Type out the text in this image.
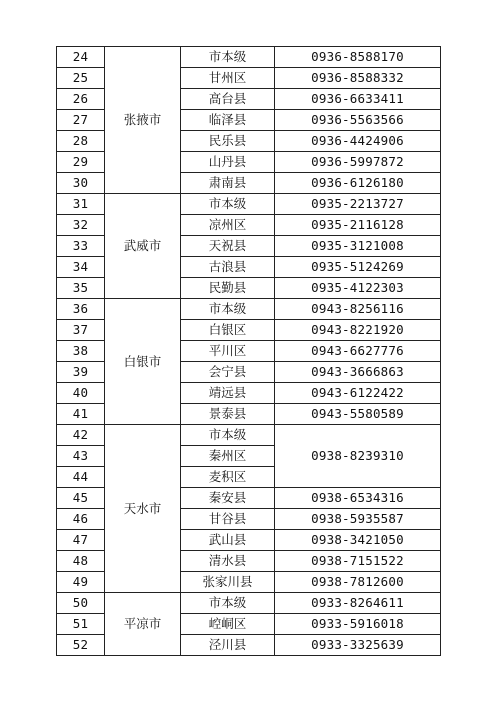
24	张掖市	市本级	0936-8588170
25		甘州区	0936-8588332
26		高台县	0936-6633411
27		临泽县	0936-5563566
28		民乐县	0936-4424906
29		山丹县	0936-5997872
30		肃南县	0936-6126180
31	武威市	市本级	0935-2213727
32		凉州区	0935-2116128
33		天祝县	0935-3121008
34		古浪县	0935-5124269
35		民勤县	0935-4122303
36	白银市	市本级	0943-8256116
37		白银区	0943-8221920
38		平川区	0943-6627776
39		会宁县	0943-3666863
40		靖远县	0943-6122422
41		景泰县	0943-5580589
42	天水市	市本级	0938-8239310
43		秦州区	
44		麦积区	
45		秦安县	0938-6534316
46		甘谷县	0938-5935587
47		武山县	0938-3421050
48		清水县	0938-7151522
49		张家川县	0938-7812600
50	平凉市	市本级	0933-8264611
51		崆峒区	0933-5916018
52		泾川县	0933-3325639
